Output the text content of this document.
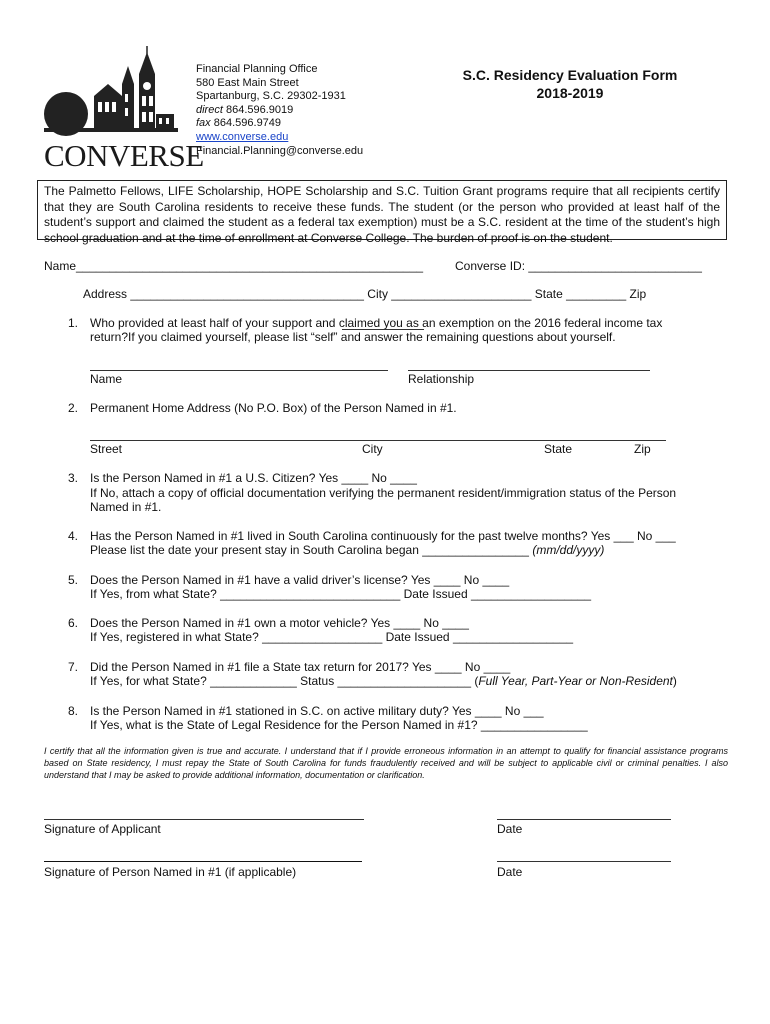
CONVERSE
Financial Planning Office
580 East Main Street
Spartanburg, S.C. 29302-1931
direct 864.596.9019
fax 864.596.9749
www.converse.edu
Financial.Planning@converse.edu
S.C. Residency Evaluation Form
2018-2019
The Palmetto Fellows, LIFE Scholarship, HOPE Scholarship and S.C. Tuition Grant programs require that all recipients certify that they are South Carolina residents to receive these funds. The student (or the person who provided at least half of the student’s support and claimed the student as a federal tax exemption) must be a S.C. resident at the time of the student’s high school graduation and at the time of enrollment at Converse College. The burden of proof is on the student.
Name____________________________________________________	Converse ID: __________________________
Address ___________________________________ City _____________________ State _________ Zip
1. Who provided at least half of your support and claimed you as an exemption on the 2016 federal income tax
return?If you claimed yourself, please list “self” and answer the remaining questions about yourself.
Name	Relationship
2. Permanent Home Address (No P.O. Box) of the Person Named in #1.
Street	City	State	Zip
3. Is the Person Named in #1 a U.S. Citizen? Yes ____ No ____
If No, attach a copy of official documentation verifying the permanent resident/immigration status of the Person
Named in #1.
4. Has the Person Named in #1 lived in South Carolina continuously for the past twelve months? Yes ___ No ___
Please list the date your present stay in South Carolina began ________________ (mm/dd/yyyy)
5. Does the Person Named in #1 have a valid driver’s license? Yes ____ No ____
If Yes, from what State? ___________________________ Date Issued __________________
6. Does the Person Named in #1 own a motor vehicle? Yes ____ No ____
If Yes, registered in what State? __________________ Date Issued __________________
7. Did the Person Named in #1 file a State tax return for 2017? Yes ____ No ____
If Yes, for what State? _____________ Status ____________________ (Full Year, Part-Year or Non-Resident)
8. Is the Person Named in #1 stationed in S.C. on active military duty? Yes ____ No ___
If Yes, what is the State of Legal Residence for the Person Named in #1? ________________
I certify that all the information given is true and accurate. I understand that if I provide erroneous information in an attempt to qualify for financial assistance programs based on State residency, I must repay the State of South Carolina for funds fraudulently received and will be subject to applicable civil or criminal penalties. I also understand that I may be asked to provide additional information, documentation or clarification.
Signature of Applicant	Date
Signature of Person Named in #1 (if applicable)	Date
